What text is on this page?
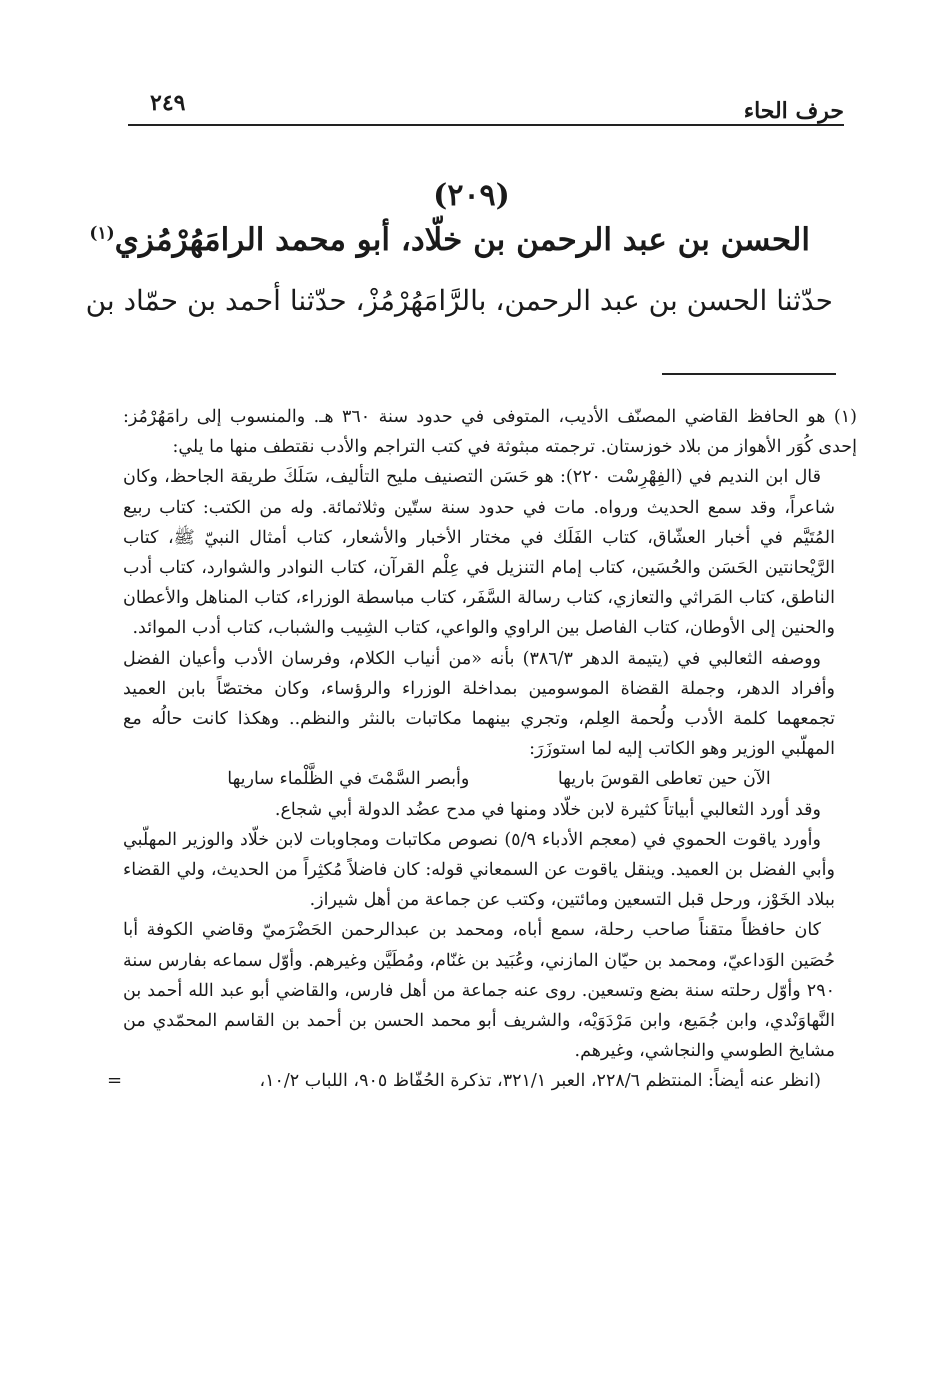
حرف الحاء
٢٤٩
(٢٠٩)
الحسن بن عبد الرحمن بن خلّاد، أبو محمد الرامَهُرْمُزي$^{(١)}$
حدّثنا الحسن بن عبد الرحمن، بالرَّامَهُرْمُزْ، حدّثنا أحمد بن حمّاد بن

(١) هو الحافظ القاضي المصنّف الأديب، المتوفى في حدود سنة ٣٦٠ هـ. والمنسوب إلى رامَهُرْمُز: إحدى كُوَر الأهواز من بلاد خوزستان. ترجمته مبثوثة في كتب التراجم والأدب نقتطف منها ما يلي:

قال ابن النديم في (الفِهْرِسْت ٢٢٠): هو حَسَن التصنيف مليح التأليف، سَلَكَ طريقة الجاحظ، وكان شاعراً، وقد سمع الحديث ورواه. مات في حدود سنة ستّين وثلاثمائة. وله من الكتب: كتاب ربيع المُتَيَّم في أخبار العشّاق، كتاب الفَلَك في مختار الأخبار والأشعار، كتاب أمثال النبيّ ﷺ، كتاب الرَّيْحانتين الحَسَن والحُسَين، كتاب إمام التنزيل في عِلْم القرآن، كتاب النوادر والشوارد، كتاب أدب الناطق، كتاب المَراثي والتعازي، كتاب رسالة السَّفَر، كتاب مباسطة الوزراء، كتاب المناهل والأعطان والحنين إلى الأوطان، كتاب الفاصل بين الراوي والواعي، كتاب الشِيب والشباب، كتاب أدب الموائد.

ووصفه الثعالبي في (يتيمة الدهر ٣٨٦/٣) بأنه «من أنياب الكلام، وفرسان الأدب وأعيان الفضل وأفراد الدهر، وجملة القضاة الموسومين بمداخلة الوزراء والرؤساء، وكان مختصّاً بابن العميد تجمعهما كلمة الأدب ولُحمة العِلم، وتجري بينهما مكاتبات بالنثر والنظم.. وهكذا كانت حالُه مع المهلّبي الوزير وهو الكاتب إليه لما استوزَرَ:

الآن حين تعاطى القوسَ باريها
وأبصر السَّمْتَ في الظَّلْماء ساريها

وقد أورد الثعالبي أبياتاً كثيرة لابن خلّاد ومنها في مدح عضُد الدولة أبي شجاع.

وأورد ياقوت الحموي في (معجم الأدباء ٥/٩) نصوص مكاتبات ومجاوبات لابن خلّاد والوزير المهلّبي وأبي الفضل بن العميد. وينقل ياقوت عن السمعاني قوله: كان فاضلاً مُكثِراً من الحديث، ولي القضاء ببلاد الخَوْز، ورحل قبل التسعين ومائتين، وكتب عن جماعة من أهل شيراز.

كان حافظاً متقناً صاحب رحلة، سمع أباه، ومحمد بن عبدالرحمن الحَضْرَميّ وقاضي الكوفة أبا حُصَين الوَداعيّ، ومحمد بن حيّان المازني، وعُبَيد بن غنّام، ومُطَيَّن وغيرهم. وأوّل سماعه بفارس سنة ٢٩٠ وأوّل رحلته سنة بضع وتسعين. روى عنه جماعة من أهل فارس، والقاضي أبو عبد الله أحمد بن النَّهاوَنْدي، وابن جُمَيع، وابن مَرْدَوَيْه، والشريف أبو محمد الحسن بن أحمد بن القاسم المحمّدي من مشايخ الطوسي والنجاشي، وغيرهم.

(انظر عنه أيضاً: المنتظم ٢٢٨/٦، العبر ٣٢١/١، تذكرة الحُفّاظ ٩٠٥، اللباب ١٠/٢،
=
